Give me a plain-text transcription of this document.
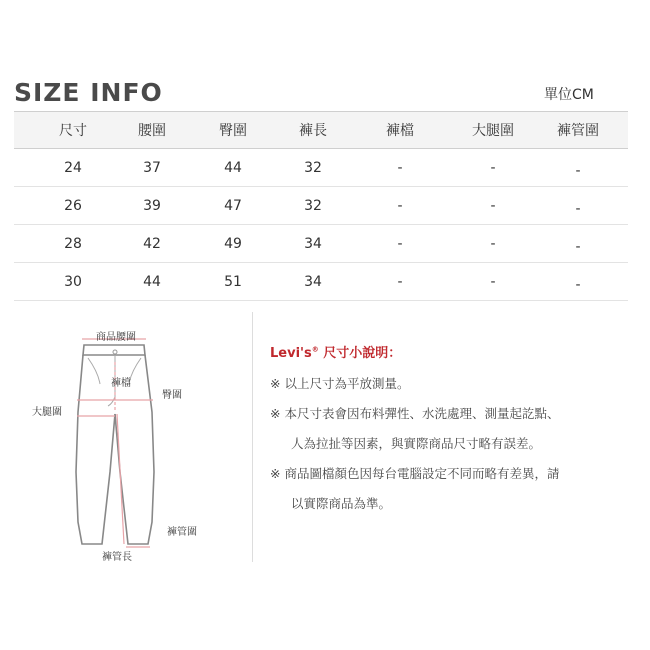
SIZE INFO	單位CM
尺寸	腰圍	臀圍	褲長	褲檔	大腿圍	褲管圍
24	37	44	32	-	-	-
26	39	47	32	-	-	-
28	42	49	34	-	-	-
30	44	51	34	-	-	-
商品腰圍
褲檔
臀圍
大腿圍
褲管圍
褲管長
Levi's® 尺寸小說明：
※ 以上尺寸為平放測量。
※ 本尺寸表會因布料彈性、水洗處理、測量起訖點、
人為拉扯等因素，與實際商品尺寸略有誤差。
※ 商品圖檔顏色因每台電腦設定不同而略有差異，請
以實際商品為準。
